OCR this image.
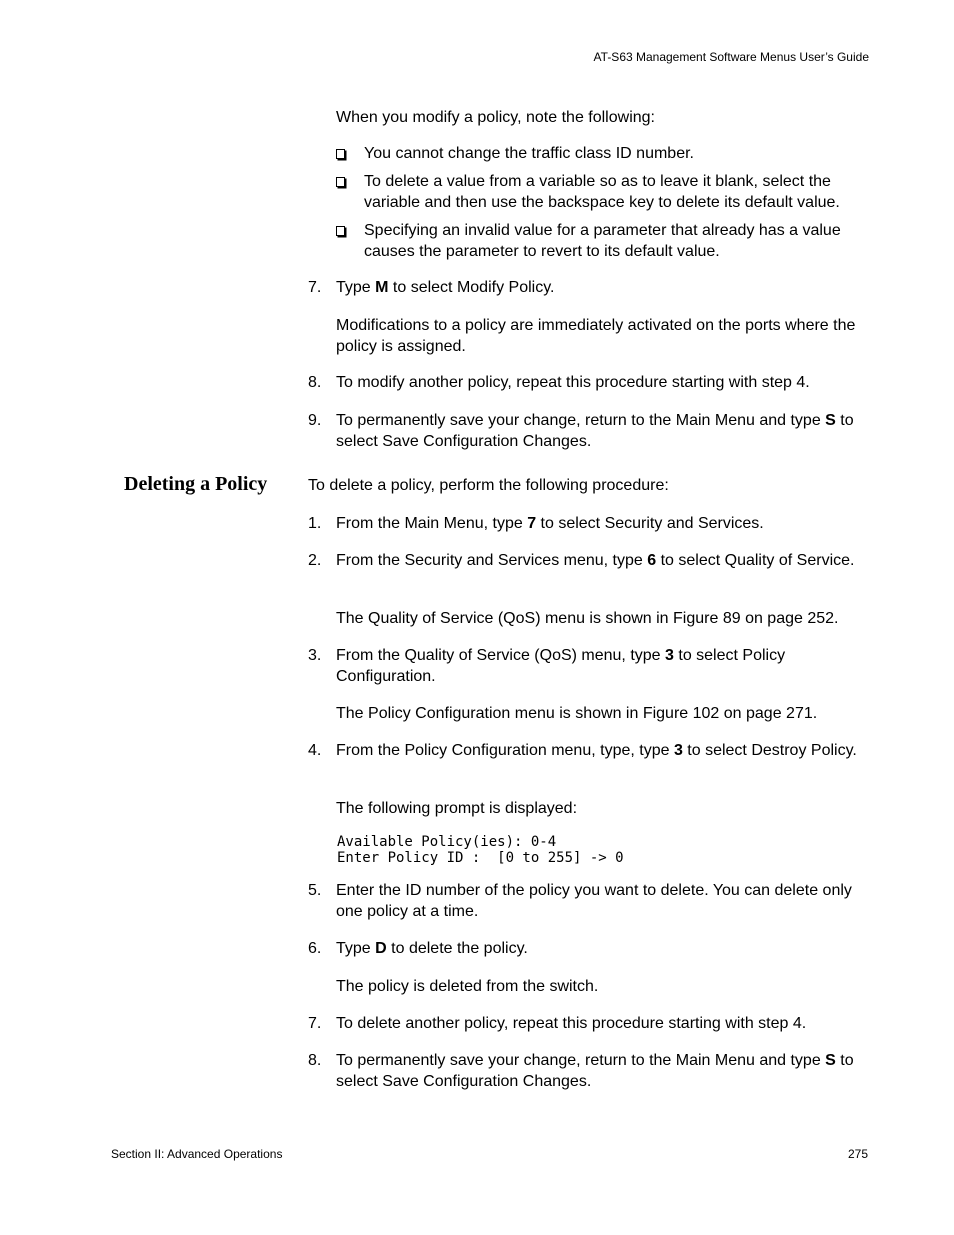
AT-S63 Management Software Menus User’s Guide
When you modify a policy, note the following:
You cannot change the traffic class ID number.
To delete a value from a variable so as to leave it blank, select the variable and then use the backspace key to delete its default value.
Specifying an invalid value for a parameter that already has a value causes the parameter to revert to its default value.
7. Type M to select Modify Policy.
Modifications to a policy are immediately activated on the ports where the policy is assigned.
8. To modify another policy, repeat this procedure starting with step 4.
9. To permanently save your change, return to the Main Menu and type S to select Save Configuration Changes.
Deleting a Policy	To delete a policy, perform the following procedure:
1. From the Main Menu, type 7 to select Security and Services.
2. From the Security and Services menu, type 6 to select Quality of Service.
The Quality of Service (QoS) menu is shown in Figure 89 on page 252.
3. From the Quality of Service (QoS) menu, type 3 to select Policy Configuration.
The Policy Configuration menu is shown in Figure 102 on page 271.
4. From the Policy Configuration menu, type, type 3 to select Destroy Policy.
The following prompt is displayed:
Available Policy(ies): 0-4
Enter Policy ID :  [0 to 255] -> 0
5. Enter the ID number of the policy you want to delete. You can delete only one policy at a time.
6. Type D to delete the policy.
The policy is deleted from the switch.
7. To delete another policy, repeat this procedure starting with step 4.
8. To permanently save your change, return to the Main Menu and type S to select Save Configuration Changes.
Section II: Advanced Operations	275
